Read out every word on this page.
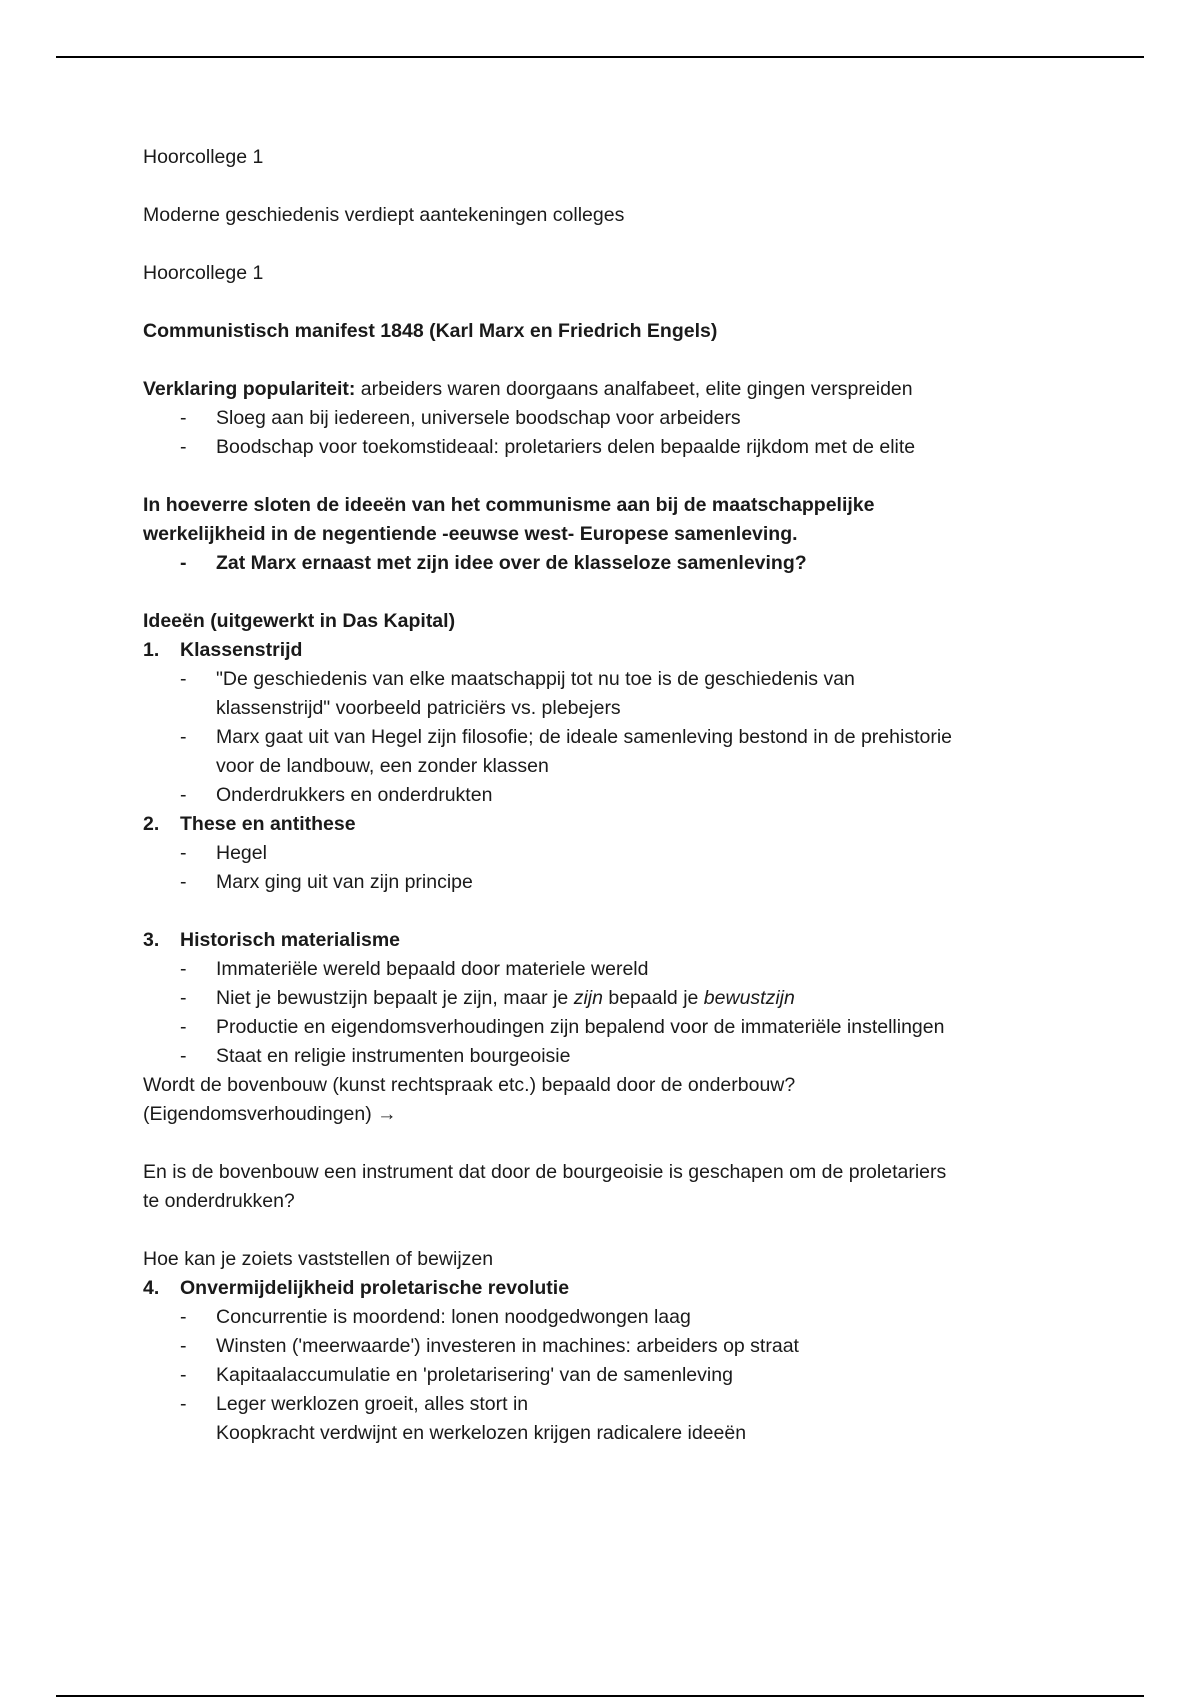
Hoorcollege 1

Moderne geschiedenis verdiept aantekeningen colleges

Hoorcollege 1

Communistisch manifest 1848 (Karl Marx en Friedrich Engels)

Verklaring populariteit: arbeiders waren doorgaans analfabeet, elite gingen verspreiden

- Sloeg aan bij iedereen, universele boodschap voor arbeiders
- Boodschap voor toekomstideaal: proletariers delen bepaalde rijkdom met de elite

In hoeverre sloten de ideeën van het communisme aan bij de maatschappelijke

werkelijkheid in de negentiende -eeuwse west- Europese samenleving.

- Zat Marx ernaast met zijn idee over de klasseloze samenleving?

Ideeën (uitgewerkt in Das Kapital)

1. Klassenstrijd

- "De geschiedenis van elke maatschappij tot nu toe is de geschiedenis van
klassenstrijd" voorbeeld patriciërs vs. plebejers
- Marx gaat uit van Hegel zijn filosofie; de ideale samenleving bestond in de prehistorie
voor de landbouw, een zonder klassen
- Onderdrukkers en onderdrukten

2. These en antithese

- Hegel
- Marx ging uit van zijn principe

3. Historisch materialisme

- Immateriële wereld bepaald door materiele wereld
- Niet je bewustzijn bepaalt je zijn, maar je zijn bepaald je bewustzijn
- Productie en eigendomsverhoudingen zijn bepalend voor de immateriële instellingen
- Staat en religie instrumenten bourgeoisie

Wordt de bovenbouw (kunst rechtspraak etc.) bepaald door de onderbouw?

(Eigendomsverhoudingen) →

En is de bovenbouw een instrument dat door de bourgeoisie is geschapen om de proletariers

te onderdrukken?

Hoe kan je zoiets vaststellen of bewijzen

4. Onvermijdelijkheid proletarische revolutie

- Concurrentie is moordend: lonen noodgedwongen laag
- Winsten ('meerwaarde') investeren in machines: arbeiders op straat
- Kapitaalaccumulatie en 'proletarisering' van de samenleving
- Leger werklozen groeit, alles stort in
Koopkracht verdwijnt en werkelozen krijgen radicalere ideeën
